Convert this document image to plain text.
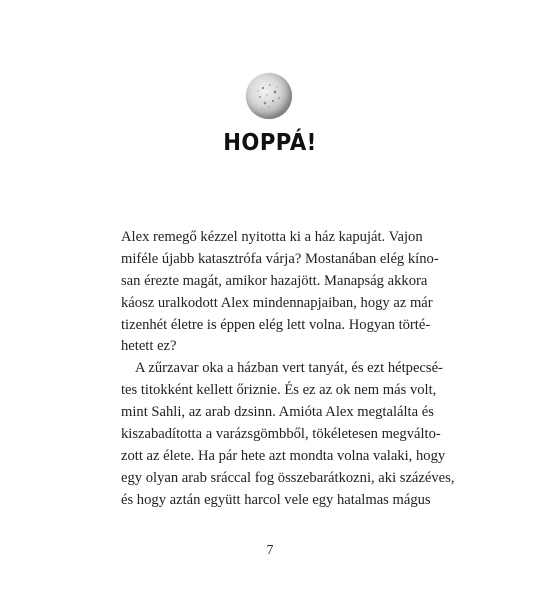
HOPPÁ!
Alex remegő kézzel nyitotta ki a ház kapuját. Vajon
miféle újabb katasztrófa várja? Mostanában elég kíno-
san érezte magát, amikor hazajött. Manapság akkora
káosz uralkodott Alex mindennapjaiban, hogy az már
tizenhét életre is éppen elég lett volna. Hogyan törté-
hetett ez?
A zűrzavar oka a házban vert tanyát, és ezt hétpecsé-
tes titokként kellett őriznie. És ez az ok nem más volt,
mint Sahli, az arab dzsinn. Amióta Alex megtalálta és
kiszabadította a varázsgömbből, tökéletesen megválto-
zott az élete. Ha pár hete azt mondta volna valaki, hogy
egy olyan arab sráccal fog összebarátkozni, aki százéves,
és hogy aztán együtt harcol vele egy hatalmas mágus
7
